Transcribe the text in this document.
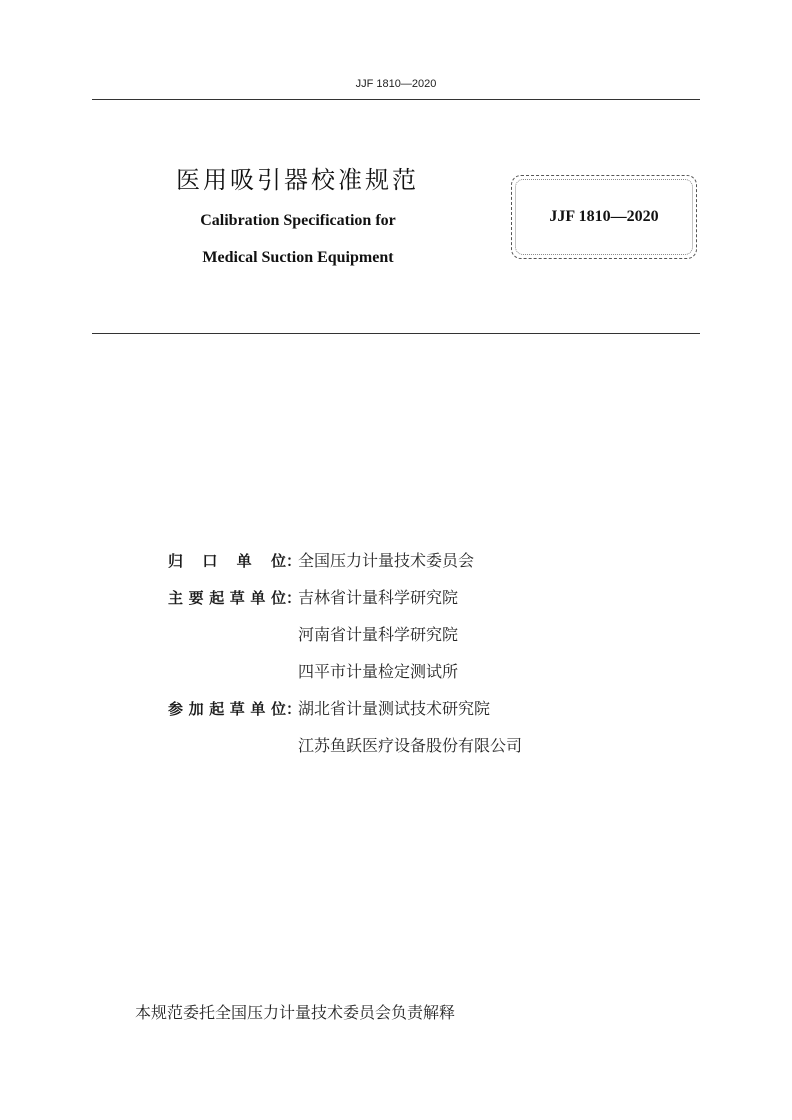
JJF 1810—2020
医用吸引器校准规范
Calibration Specification for
Medical Suction Equipment
JJF 1810—2020
归 口 单 位 ：
全国压力计量技术委员会
主 要 起 草 单 位 ：
吉林省计量科学研究院
河南省计量科学研究院
四平市计量检定测试所
参 加 起 草 单 位 ：
湖北省计量测试技术研究院
江苏鱼跃医疗设备股份有限公司
本规范委托全国压力计量技术委员会负责解释
